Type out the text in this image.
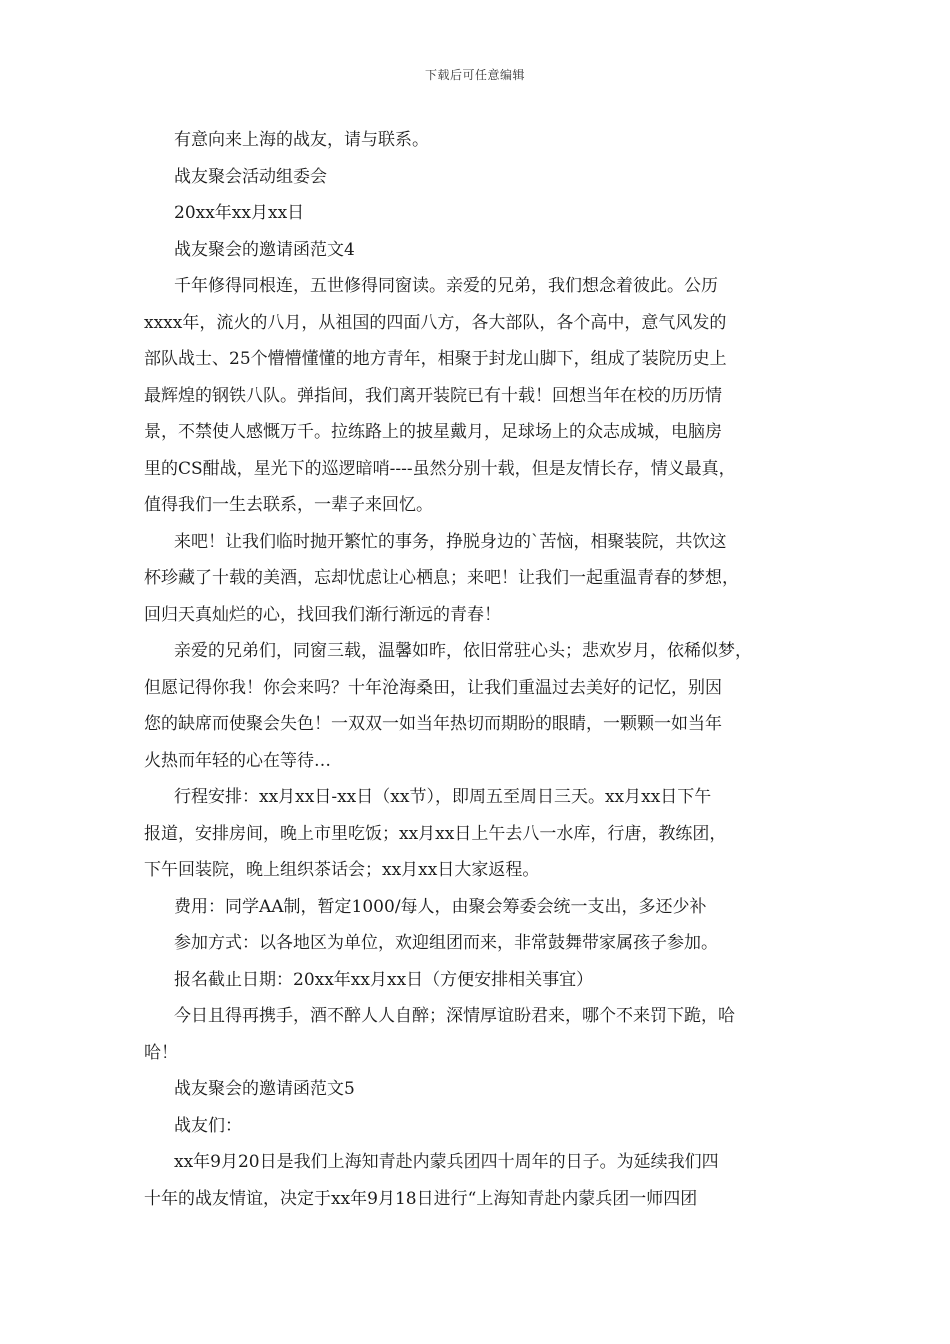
下载后可任意编辑
有意向来上海的战友，请与联系。
战友聚会活动组委会
20xx年xx月xx日
战友聚会的邀请函范文4
千年修得同根连，五世修得同窗读。亲爱的兄弟，我们想念着彼此。公历
xxxx年，流火的八月，从祖国的四面八方，各大部队，各个高中，意气风发的
部队战士、25个懵懵懂懂的地方青年，相聚于封龙山脚下，组成了装院历史上
最辉煌的钢铁八队。弹指间，我们离开装院已有十载！回想当年在校的历历情
景，不禁使人感慨万千。拉练路上的披星戴月，足球场上的众志成城，电脑房
里的CS酣战，星光下的巡逻暗哨----虽然分别十载，但是友情长存，情义最真，
值得我们一生去联系，一辈子来回忆。
来吧！让我们临时抛开繁忙的事务，挣脱身边的`苦恼，相聚装院，共饮这
杯珍藏了十载的美酒，忘却忧虑让心栖息；来吧！让我们一起重温青春的梦想，
回归天真灿烂的心，找回我们渐行渐远的青春！
亲爱的兄弟们，同窗三载，温馨如昨，依旧常驻心头；悲欢岁月，依稀似梦，
但愿记得你我！你会来吗？十年沧海桑田，让我们重温过去美好的记忆，别因
您的缺席而使聚会失色！一双双一如当年热切而期盼的眼睛，一颗颗一如当年
火热而年轻的心在等待…
行程安排：xx月xx日-xx日（xx节），即周五至周日三天。xx月xx日下午
报道，安排房间，晚上市里吃饭；xx月xx日上午去八一水库，行唐，教练团，
下午回装院，晚上组织茶话会；xx月xx日大家返程。
费用：同学AA制，暂定1000/每人，由聚会筹委会统一支出，多还少补
参加方式：以各地区为单位，欢迎组团而来，非常鼓舞带家属孩子参加。
报名截止日期：20xx年xx月xx日（方便安排相关事宜）
今日且得再携手，酒不醉人人自醉；深情厚谊盼君来，哪个不来罚下跪，哈
哈！
战友聚会的邀请函范文5
战友们：
xx年9月20日是我们上海知青赴内蒙兵团四十周年的日子。为延续我们四
十年的战友情谊，决定于xx年9月18日进行“上海知青赴内蒙兵团一师四团
